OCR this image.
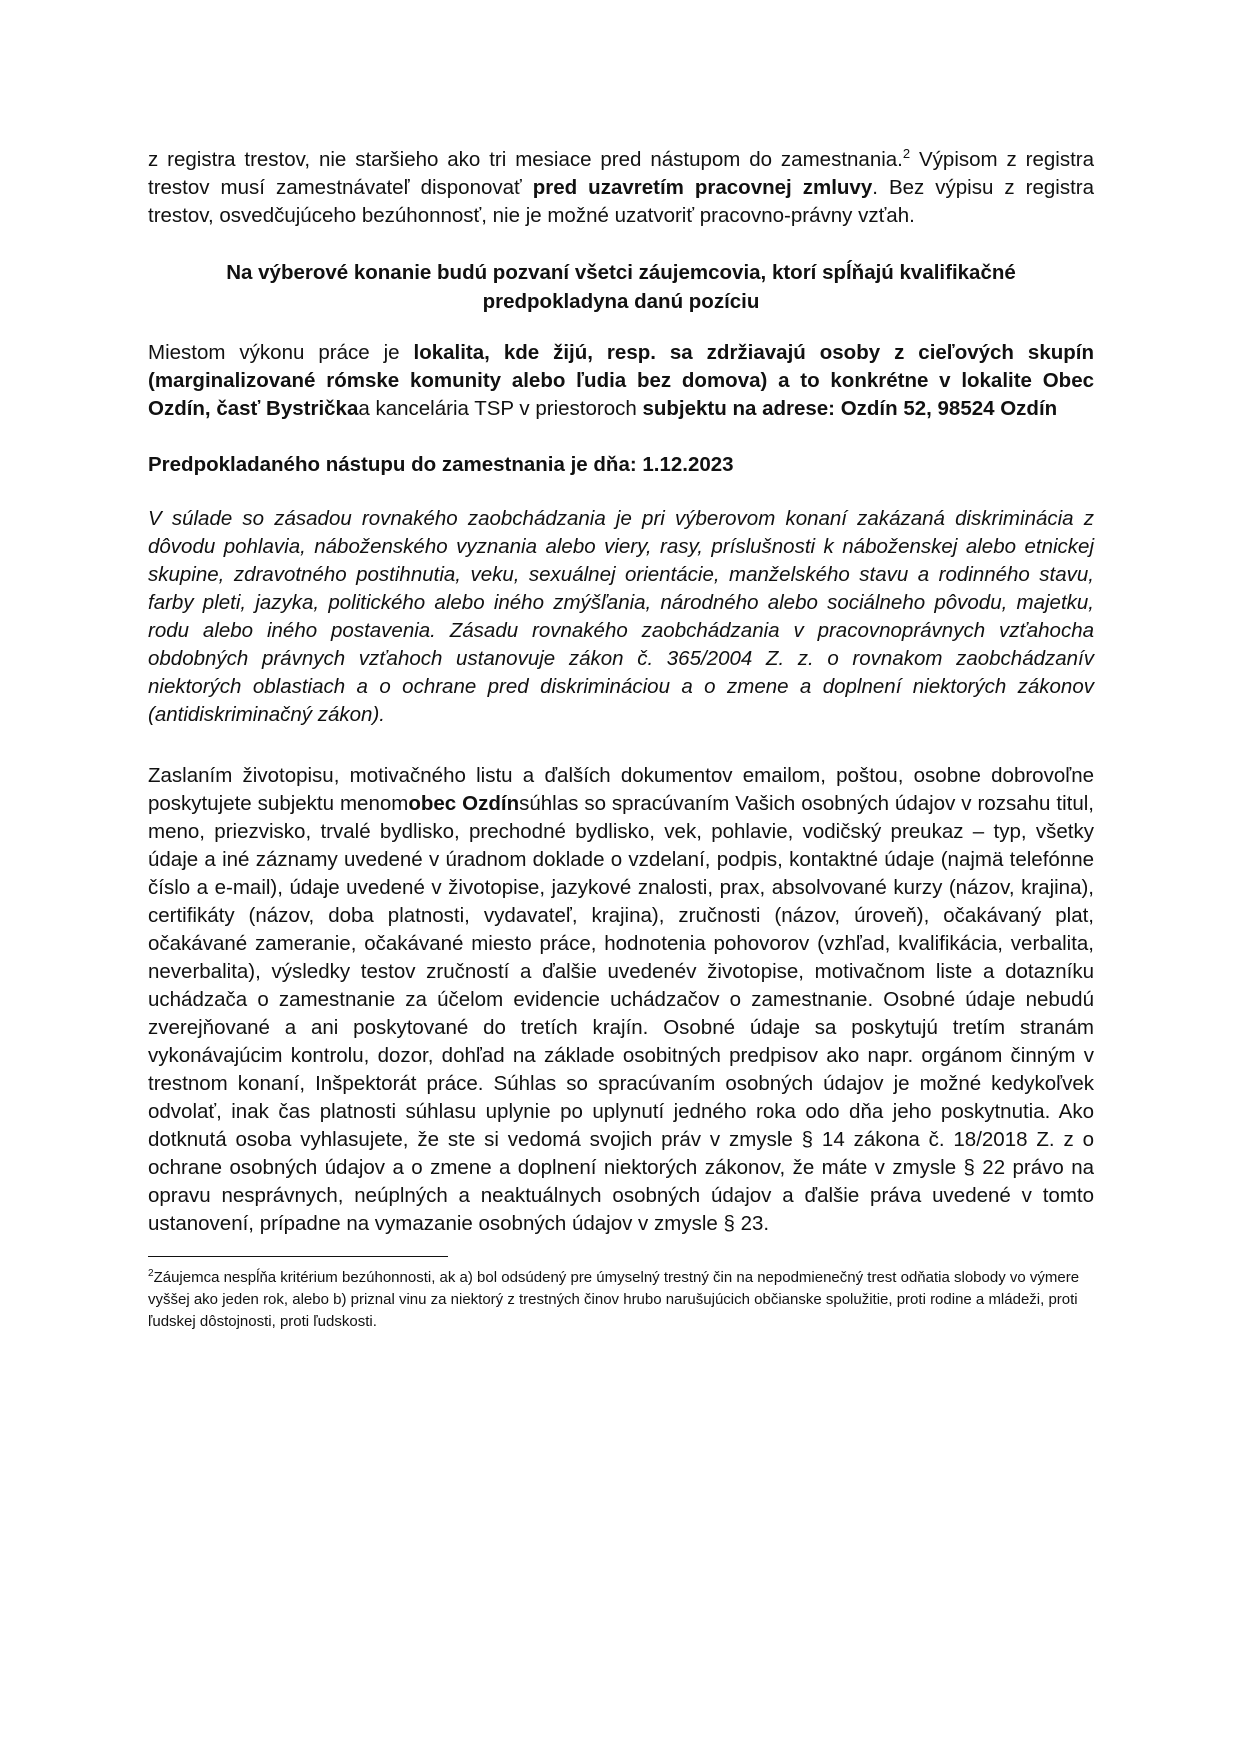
z registra trestov, nie staršieho ako tri mesiace pred nástupom do zamestnania.$^2$ Výpisom z registra trestov musí zamestnávateľ disponovať pred uzavretím pracovnej zmluvy. Bez výpisu z registra trestov, osvedčujúceho bezúhonnosť, nie je možné uzatvoriť pracovno-právny vzťah.

Na výberové konanie budú pozvaní všetci záujemcovia, ktorí spĺňajú kvalifikačné
predpokladyna danú pozíciu

Miestom výkonu práce je lokalita, kde žijú, resp. sa zdržiavajú osoby z cieľových skupín (marginalizované rómske komunity alebo ľudia bez domova) a to konkrétne v lokalite Obec Ozdín, časť Bystričkaa kancelária TSP v priestoroch subjektu na adrese: Ozdín 52, 98524 Ozdín

Predpokladaného nástupu do zamestnania je dňa: 1.12.2023

V súlade so zásadou rovnakého zaobchádzania je pri výberovom konaní zakázaná diskriminácia z dôvodu pohlavia, náboženského vyznania alebo viery, rasy, príslušnosti k náboženskej alebo etnickej skupine, zdravotného postihnutia, veku, sexuálnej orientácie, manželského stavu a rodinného stavu, farby pleti, jazyka, politického alebo iného zmýšľania, národného alebo sociálneho pôvodu, majetku, rodu alebo iného postavenia. Zásadu rovnakého zaobchádzania v pracovnoprávnych vzťahocha obdobných právnych vzťahoch ustanovuje zákon č. 365/2004 Z. z. o rovnakom zaobchádzanív niektorých oblastiach a o ochrane pred diskrimináciou a o zmene a doplnení niektorých zákonov (antidiskriminačný zákon).

Zaslaním životopisu, motivačného listu a ďalších dokumentov emailom, poštou, osobne dobrovoľne poskytujete subjektu menomobec Ozdínsúhlas so spracúvaním Vašich osobných údajov v rozsahu titul, meno, priezvisko, trvalé bydlisko, prechodné bydlisko, vek, pohlavie, vodičský preukaz – typ, všetky údaje a iné záznamy uvedené v úradnom doklade o vzdelaní, podpis, kontaktné údaje (najmä telefónne číslo a e-mail), údaje uvedené v životopise, jazykové znalosti, prax, absolvované kurzy (názov, krajina), certifikáty (názov, doba platnosti, vydavateľ, krajina), zručnosti (názov, úroveň), očakávaný plat, očakávané zameranie, očakávané miesto práce, hodnotenia pohovorov (vzhľad, kvalifikácia, verbalita, neverbalita), výsledky testov zručností a ďalšie uvedenév životopise, motivačnom liste a dotazníku uchádzača o zamestnanie za účelom evidencie uchádzačov o zamestnanie. Osobné údaje nebudú zverejňované a ani poskytované do tretích krajín. Osobné údaje sa poskytujú tretím stranám vykonávajúcim kontrolu, dozor, dohľad na základe osobitných predpisov ako napr. orgánom činným v trestnom konaní, Inšpektorát práce. Súhlas so spracúvaním osobných údajov je možné kedykoľvek odvolať, inak čas platnosti súhlasu uplynie po uplynutí jedného roka odo dňa jeho poskytnutia. Ako dotknutá osoba vyhlasujete, že ste si vedomá svojich práv v zmysle § 14 zákona č. 18/2018 Z. z o ochrane osobných údajov a o zmene a doplnení niektorých zákonov, že máte v zmysle § 22 právo na opravu nesprávnych, neúplných a neaktuálnych osobných údajov a ďalšie práva uvedené v tomto ustanovení, prípadne na vymazanie osobných údajov v zmysle § 23.

$^2$Záujemca nespĺňa kritérium bezúhonnosti, ak a) bol odsúdený pre úmyselný trestný čin na nepodmienečný trest odňatia slobody vo výmere vyššej ako jeden rok, alebo b) priznal vinu za niektorý z trestných činov hrubo narušujúcich občianske spolužitie, proti rodine a mládeži, proti ľudskej dôstojnosti, proti ľudskosti.
